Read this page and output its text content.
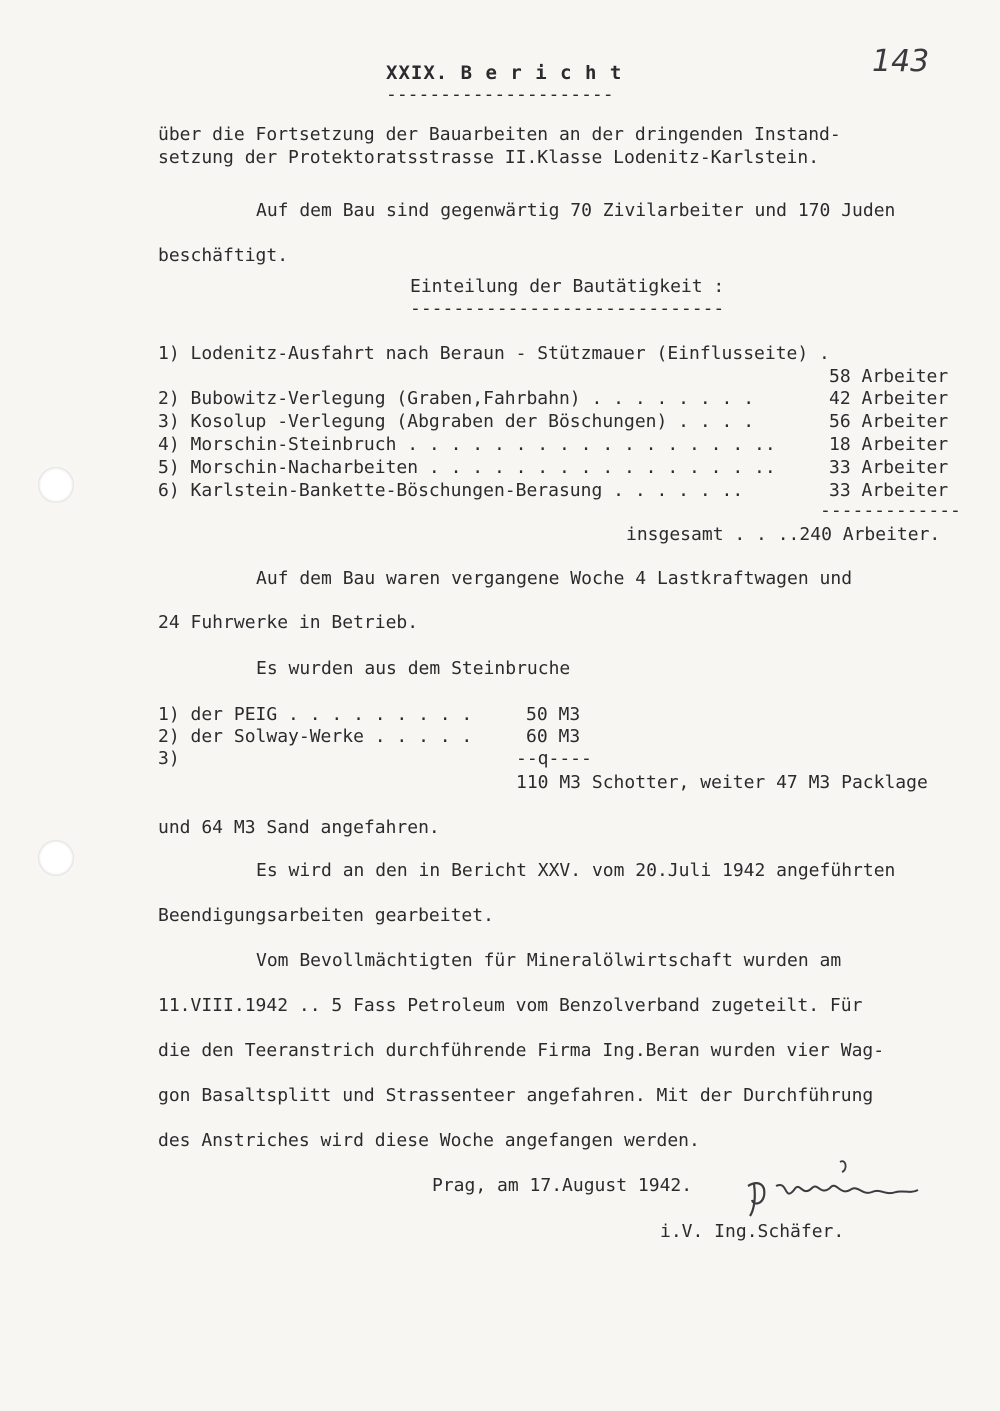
143
XXIX. B e r i c h t
---------------------
über die Fortsetzung der Bauarbeiten an der dringenden Instand-
setzung der Protektoratsstrasse II.Klasse Lodenitz-Karlstein.
Auf dem Bau sind gegenwärtig 70 Zivilarbeiter und 170 Juden
beschäftigt.
Einteilung der Bautätigkeit :
-----------------------------
1) Lodenitz-Ausfahrt nach Beraun - Stützmauer (Einflusseite) .
58 Arbeiter
2) Bubowitz-Verlegung (Graben,Fahrbahn) . . . . . . . .	42 Arbeiter
3) Kosolup -Verlegung (Abgraben der Böschungen) . . . .	56 Arbeiter
4) Morschin-Steinbruch . . . . . . . . . . . . . . . . ..	18 Arbeiter
5) Morschin-Nacharbeiten . . . . . . . . . . . . . . . ..	33 Arbeiter
6) Karlstein-Bankette-Böschungen-Berasung . . . . . ..	33 Arbeiter
-------------
insgesamt . . ..240 Arbeiter.
Auf dem Bau waren vergangene Woche 4 Lastkraftwagen und
24 Fuhrwerke in Betrieb.
Es wurden aus dem Steinbruche
1) der PEIG . . . . . . . . .	50 M3
2) der Solway-Werke . . . . .	60 M3
3)	--q----
110 M3 Schotter, weiter 47 M3 Packlage
und 64 M3 Sand angefahren.
Es wird an den in Bericht XXV. vom 20.Juli 1942 angeführten
Beendigungsarbeiten gearbeitet.
Vom Bevollmächtigten für Mineralölwirtschaft wurden am
11.VIII.1942 .. 5 Fass Petroleum vom Benzolverband zugeteilt. Für
die den Teeranstrich durchführende Firma Ing.Beran wurden vier Wag-
gon Basaltsplitt und Strassenteer angefahren. Mit der Durchführung
des Anstriches wird diese Woche angefangen werden.
Prag, am 17.August 1942.
i.V. Ing.Schäfer.
